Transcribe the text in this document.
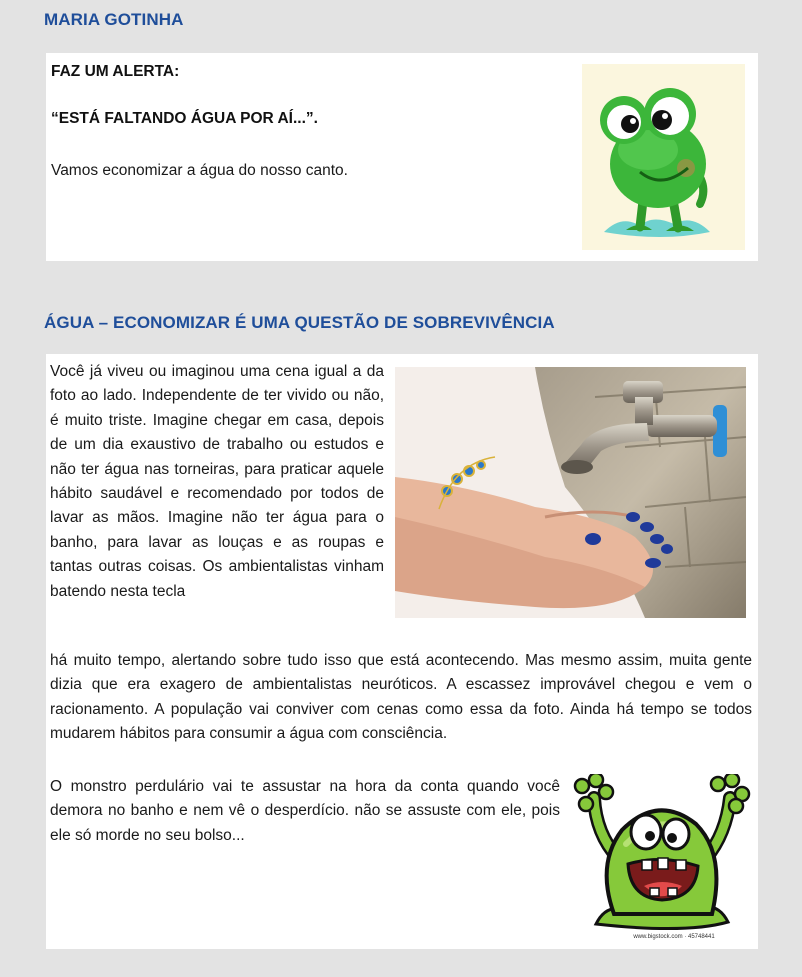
MARIA GOTINHA

FAZ UM ALERTA:

“ESTÁ FALTANDO ÁGUA POR AÍ...”.

Vamos economizar a água do nosso canto.

ÁGUA – ECONOMIZAR É UMA QUESTÃO DE SOBREVIVÊNCIA

Você já viveu ou imaginou uma cena igual a da foto ao lado. Independente de ter vivido ou não, é muito triste. Imagine chegar em casa, depois de um dia exaustivo de trabalho ou estudos e não ter água nas torneiras, para praticar aquele hábito saudável e recomendado por todos de lavar as mãos. Imagine não ter água para o banho, para lavar as louças e as roupas e tantas outras coisas. Os ambientalistas vinham batendo nesta tecla

há muito tempo, alertando sobre tudo isso que está acontecendo. Mas mesmo assim, muita gente dizia que era exagero de ambientalistas neuróticos. A escassez improvável chegou e vem o racionamento. A população vai conviver com cenas como essa da foto. Ainda há tempo se todos mudarem hábitos para consumir a água com consciência.

O monstro perdulário vai te assustar na hora da conta quando você demora no banho e nem vê o desperdício. não se assuste com ele, pois ele só morde no seu bolso...

www.bigstock.com · 45748441
